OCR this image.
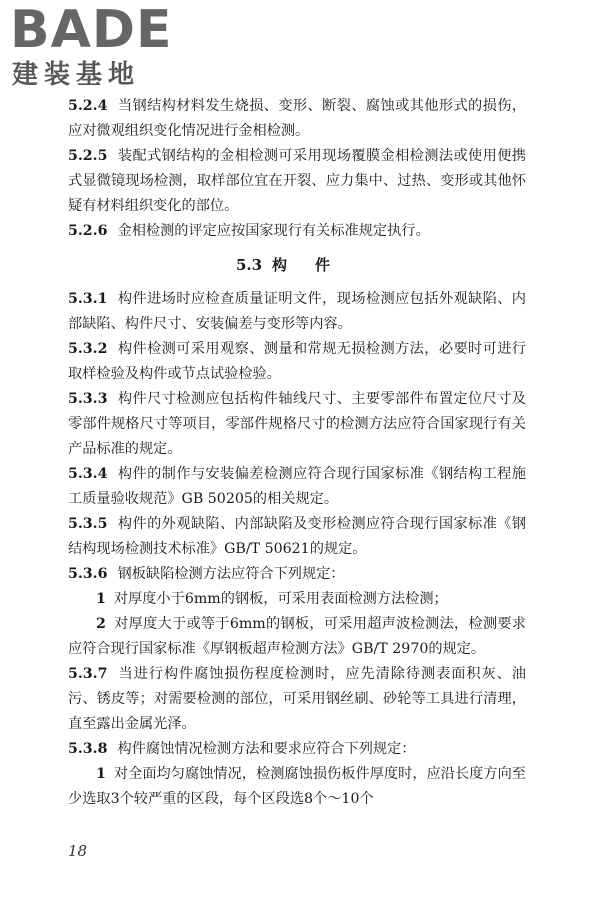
BADE
建装基地

5.2.4 当钢结构材料发生烧损、变形、断裂、腐蚀或其他形式的损伤，应对微观组织变化情况进行金相检测。

5.2.5 装配式钢结构的金相检测可采用现场覆膜金相检测法或使用便携式显微镜现场检测，取样部位宜在开裂、应力集中、过热、变形或其他怀疑有材料组织变化的部位。

5.2.6 金相检测的评定应按国家现行有关标准规定执行。

5.3 构件

5.3.1 构件进场时应检查质量证明文件，现场检测应包括外观缺陷、内部缺陷、构件尺寸、安装偏差与变形等内容。

5.3.2 构件检测可采用观察、测量和常规无损检测方法，必要时可进行取样检验及构件或节点试验检验。

5.3.3 构件尺寸检测应包括构件轴线尺寸、主要零部件布置定位尺寸及零部件规格尺寸等项目，零部件规格尺寸的检测方法应符合国家现行有关产品标准的规定。

5.3.4 构件的制作与安装偏差检测应符合现行国家标准《钢结构工程施工质量验收规范》GB 50205的相关规定。

5.3.5 构件的外观缺陷、内部缺陷及变形检测应符合现行国家标准《钢结构现场检测技术标准》GB/T 50621的规定。

5.3.6 钢板缺陷检测方法应符合下列规定：

1 对厚度小于6mm的钢板，可采用表面检测方法检测；

2 对厚度大于或等于6mm的钢板，可采用超声波检测法，检测要求应符合现行国家标准《厚钢板超声检测方法》GB/T 2970的规定。

5.3.7 当进行构件腐蚀损伤程度检测时，应先清除待测表面积灰、油污、锈皮等；对需要检测的部位，可采用钢丝刷、砂轮等工具进行清理，直至露出金属光泽。

5.3.8 构件腐蚀情况检测方法和要求应符合下列规定：

1 对全面均匀腐蚀情况，检测腐蚀损伤板件厚度时，应沿长度方向至少选取3个较严重的区段，每个区段选8个～10个

18
